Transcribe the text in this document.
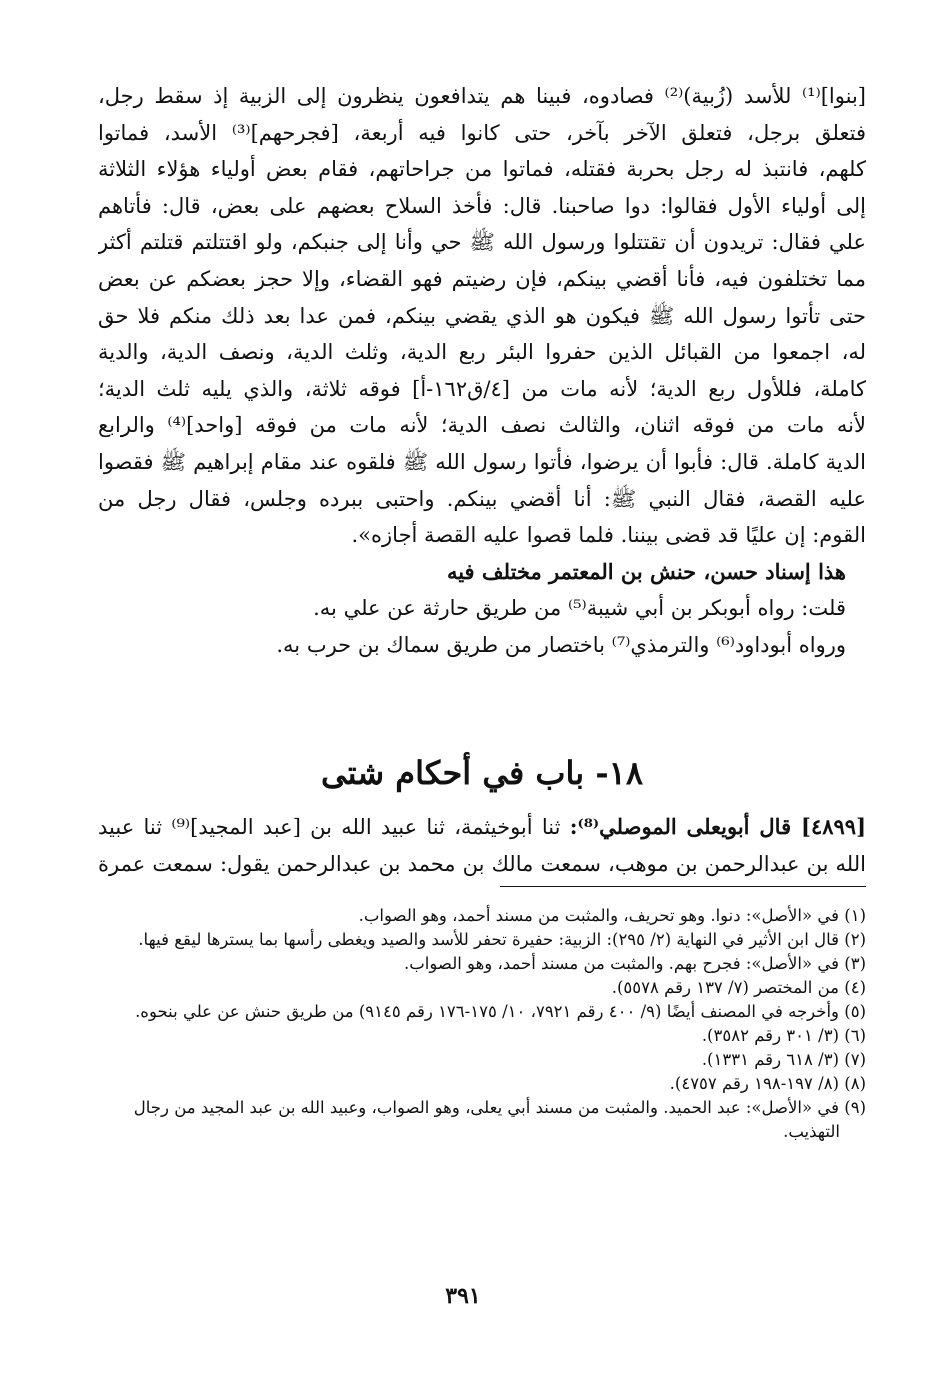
[بنوا]⁽¹⁾ للأسد (زُبية)⁽²⁾ فصادوه، فبينا هم يتدافعون ينظرون إلى الزبية إذ سقط رجل،
فتعلق برجل، فتعلق الآخر بآخر، حتى كانوا فيه أربعة، [فجرحهم]⁽³⁾ الأسد، فماتوا
كلهم، فانتبذ له رجل بحربة فقتله، فماتوا من جراحاتهم، فقام بعض أولياء هؤلاء الثلاثة
إلى أولياء الأول فقالوا: دوا صاحبنا. قال: فأخذ السلاح بعضهم على بعض، قال: فأتاهم
علي فقال: تريدون أن تقتتلوا ورسول الله ﷺ حي وأنا إلى جنبكم، ولو اقتتلتم قتلتم أكثر
مما تختلفون فيه، فأنا أقضي بينكم، فإن رضيتم فهو القضاء، وإلا حجز بعضكم عن بعض
حتى تأتوا رسول الله ﷺ فيكون هو الذي يقضي بينكم، فمن عدا بعد ذلك منكم فلا حق
له، اجمعوا من القبائل الذين حفروا البئر ربع الدية، وثلث الدية، ونصف الدية، والدية
كاملة، فللأول ربع الدية؛ لأنه مات من [٤/ق١٦٢-أ] فوقه ثلاثة، والذي يليه ثلث الدية؛
لأنه مات من فوقه اثنان، والثالث نصف الدية؛ لأنه مات من فوقه [واحد]⁽⁴⁾ والرابع
الدية كاملة. قال: فأبوا أن يرضوا، فأتوا رسول الله ﷺ فلقوه عند مقام إبراهيم ﷺ فقصوا
عليه القصة، فقال النبي ﷺ: أنا أقضي بينكم. واحتبى ببرده وجلس، فقال رجل من
القوم: إن عليًا قد قضى بيننا. فلما قصوا عليه القصة أجازه».

هذا إسناد حسن، حنش بن المعتمر مختلف فيه

قلت: رواه أبوبكر بن أبي شيبة⁽⁵⁾ من طريق حارثة عن علي به.

ورواه أبوداود⁽⁶⁾ والترمذي⁽⁷⁾ باختصار من طريق سماك بن حرب به.

١٨- باب في أحكام شتى
[٤٨٩٩] قال أبويعلى الموصلي⁽⁸⁾: ثنا أبوخيثمة، ثنا عبيد الله بن [عبد المجيد]⁽⁹⁾ ثنا عبيد
الله بن عبدالرحمن بن موهب، سمعت مالك بن محمد بن عبدالرحمن يقول: سمعت عمرة

(١) في «الأصل»: دنوا. وهو تحريف، والمثبت من مسند أحمد، وهو الصواب.

(٢) قال ابن الأثير في النهاية (٢/ ٢٩٥): الزبية: حفيرة تحفر للأسد والصيد ويغطى رأسها بما يسترها ليقع فيها.

(٣) في «الأصل»: فجرح بهم. والمثبت من مسند أحمد، وهو الصواب.

(٤) من المختصر (٧/ ١٣٧ رقم ٥٥٧٨).

(٥) وأخرجه في المصنف أيضًا (٩/ ٤٠٠ رقم ٧٩٢١، ١٠/ ١٧٥-١٧٦ رقم ٩١٤٥) من طريق حنش عن علي بنحوه.

(٦) (٣/ ٣٠١ رقم ٣٥٨٢).

(٧) (٣/ ٦١٨ رقم ١٣٣١).

(٨) (٨/ ١٩٧-١٩٨ رقم ٤٧٥٧).

(٩) في «الأصل»: عبد الحميد. والمثبت من مسند أبي يعلى، وهو الصواب، وعبيد الله بن عبد المجيد من رجال التهذيب.

٣٩١
